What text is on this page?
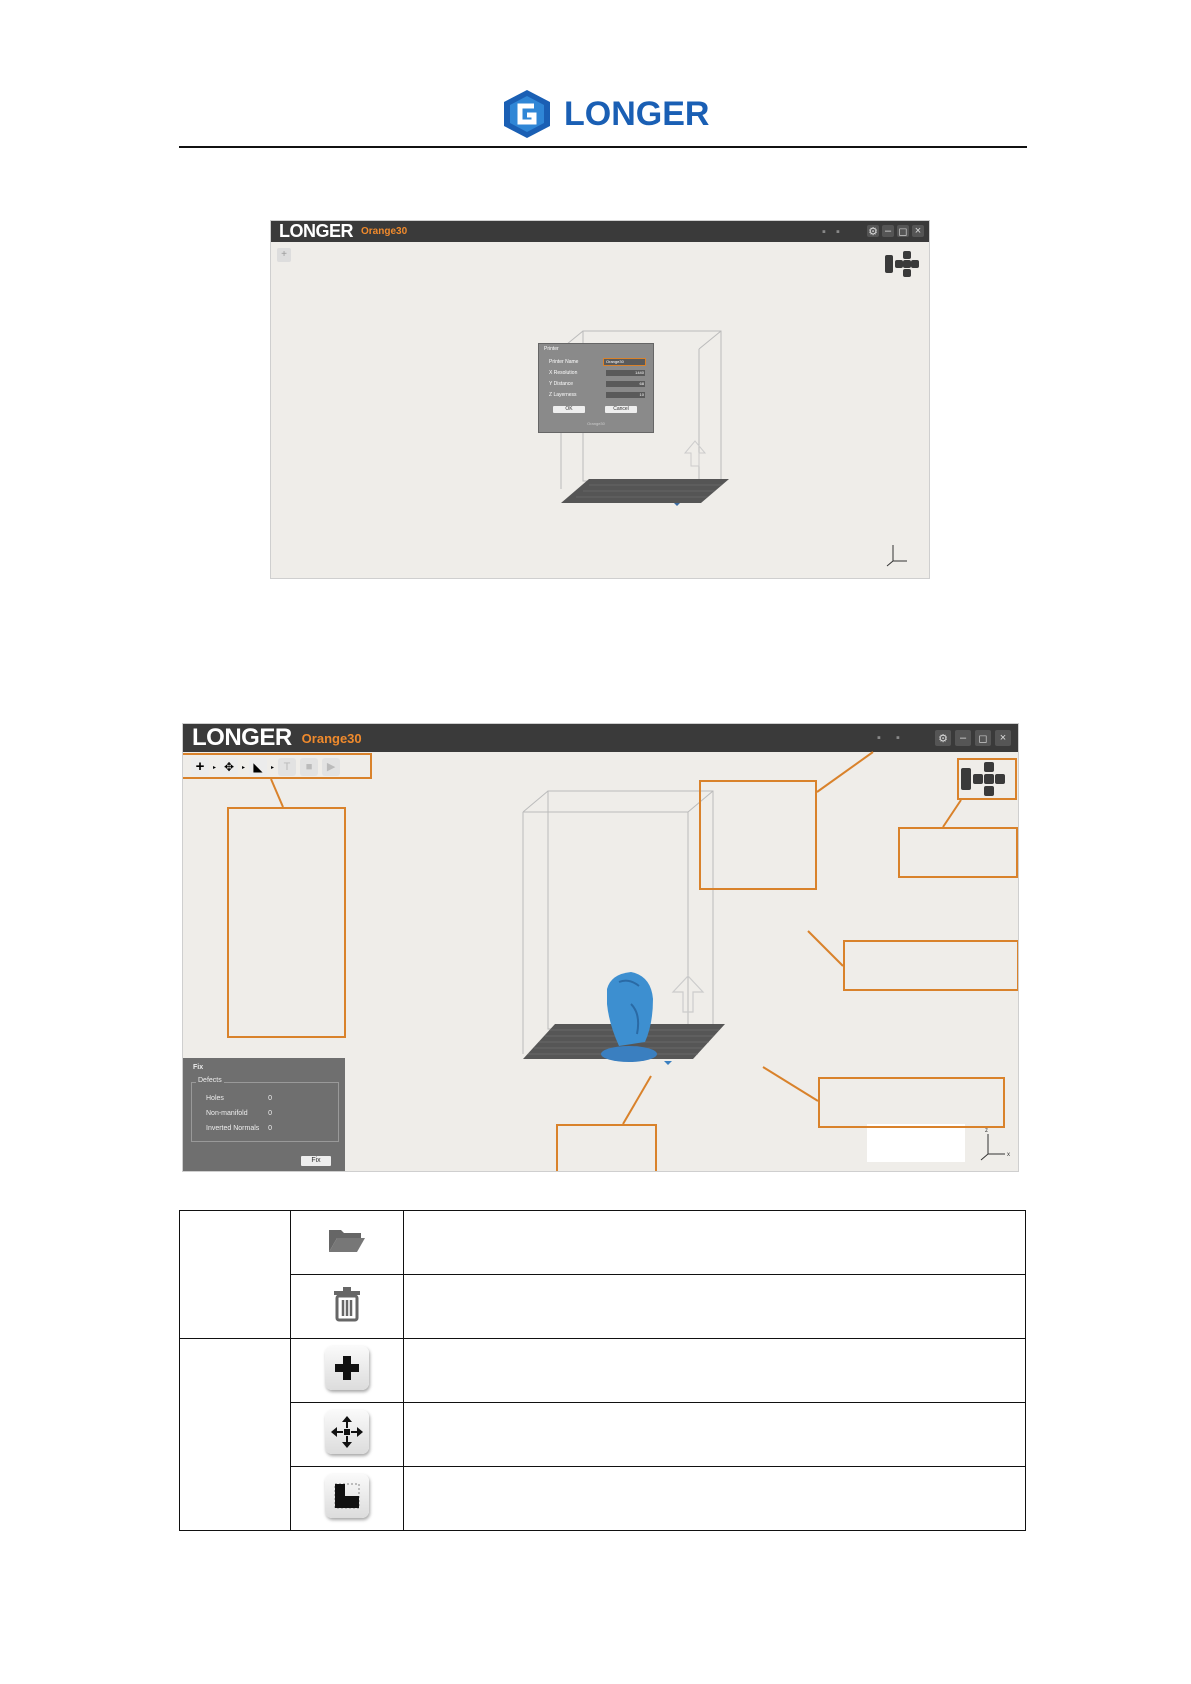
LONGER
LONGER Orange30	▪ ▪	⚙ – ◻ ×
+
Printer
Printer Name	Orange30
X Resolution	1440
Y Distance	68
Z Layerness	10
OK	Cancel
Orange30
LONGER Orange30	▪ ▪	⚙	–	◻	×
+	▸ ✥	▸ ◣	▸ T	■	▶
z
x
Fix
Defects
Holes	0
Non-manifold	0
Inverted Normals 0
Fix
